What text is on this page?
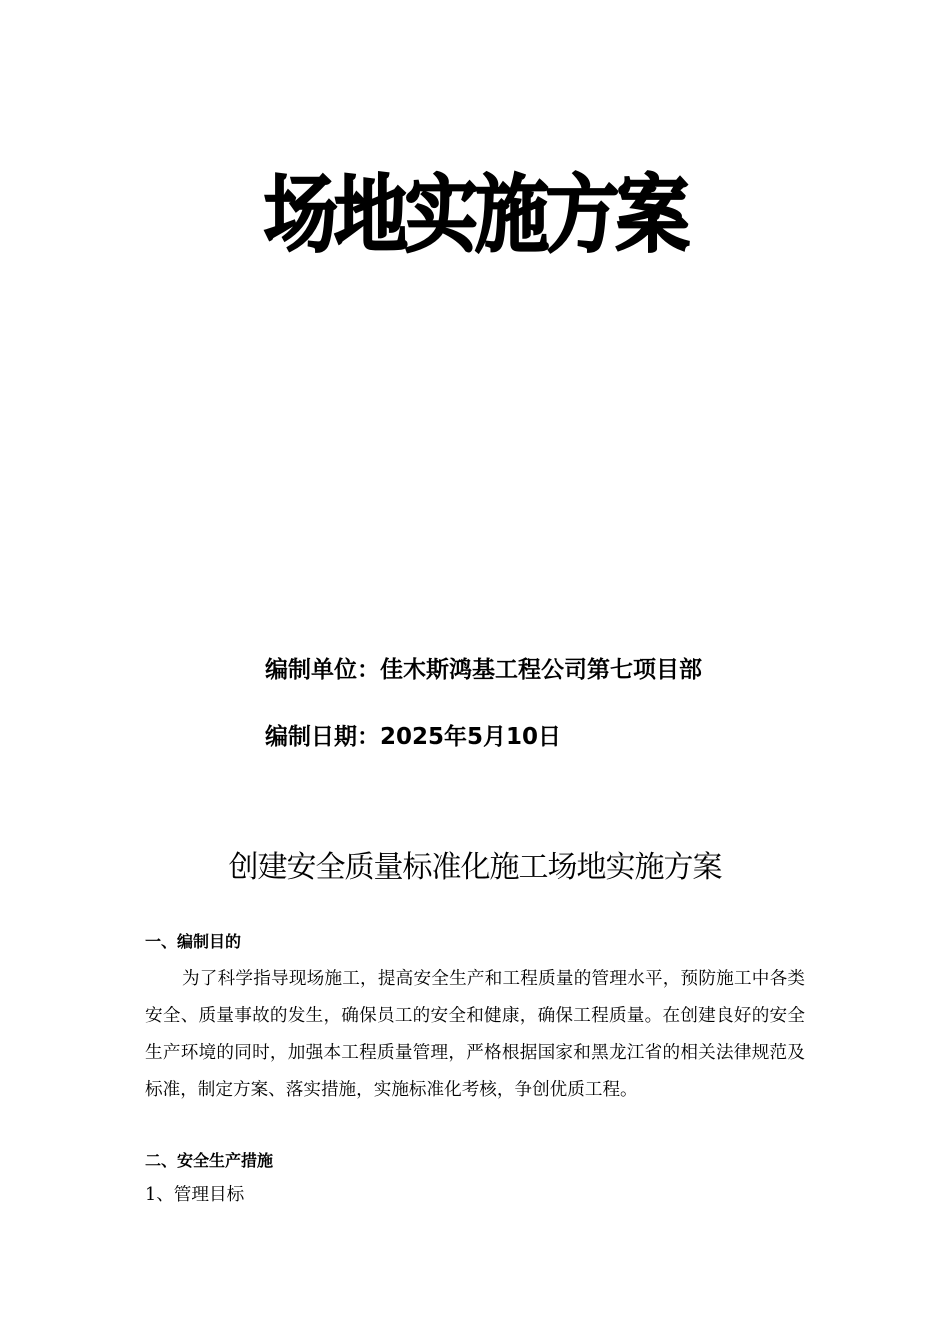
场地实施方案
编制单位：佳木斯鸿基工程公司第七项目部
编制日期：2025年5月10日
创建安全质量标准化施工场地实施方案
一、编制目的
为了科学指导现场施工，提高安全生产和工程质量的管理水平，预防施工中各类安全、质量事故的发生，确保员工的安全和健康，确保工程质量。在创建良好的安全生产环境的同时，加强本工程质量管理，严格根据国家和黑龙江省的相关法律规范及标准，制定方案、落实措施，实施标准化考核，争创优质工程。
二、安全生产措施
1、管理目标
